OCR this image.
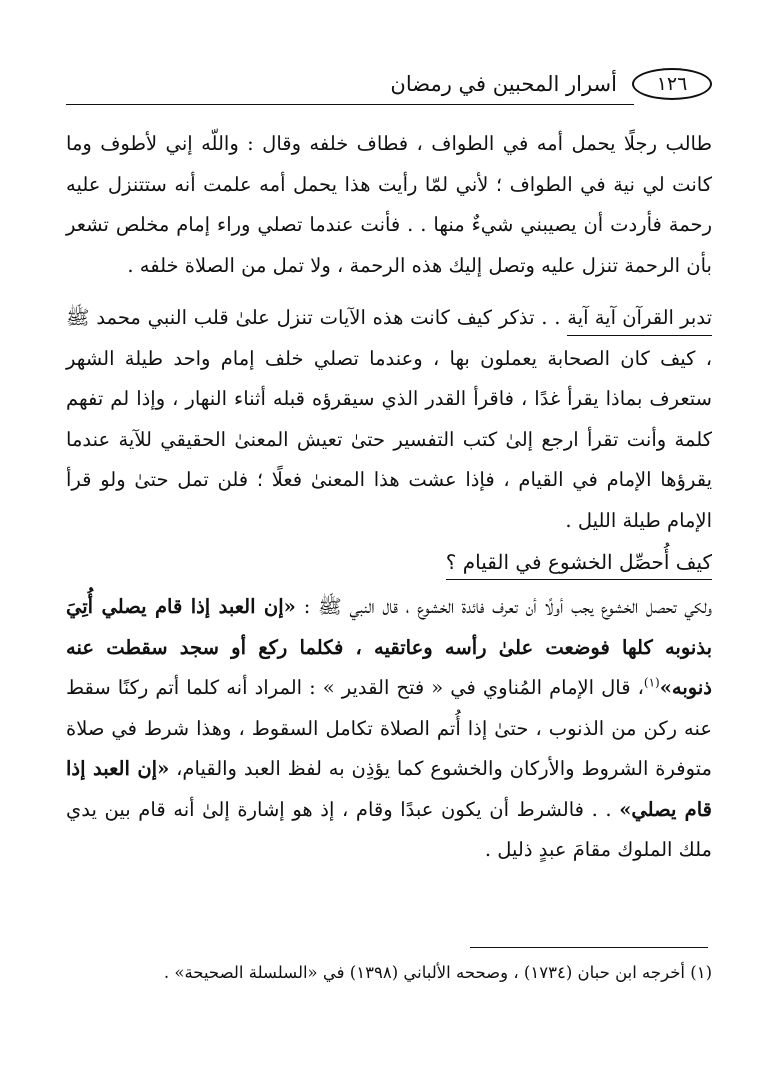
١٢٦
أسرار المحبين في رمضان

طالب رجلًا يحمل أمه في الطواف ، فطاف خلفه وقال : واللّه إني لأطوف وما كانت لي نية في الطواف ؛ لأني لمّا رأيت هذا يحمل أمه علمت أنه ستتنزل عليه رحمة فأردت أن يصيبني شيءٌ منها . . فأنت عندما تصلي وراء إمام مخلص تشعر بأن الرحمة تنزل عليه وتصل إليك هذه الرحمة ، ولا تمل من الصلاة خلفه .

تدبر القرآن آية آية . . تذكر كيف كانت هذه الآيات تنزل علىٰ قلب النبي محمد ﷺ ، كيف كان الصحابة يعملون بها ، وعندما تصلي خلف إمام واحد طيلة الشهر ستعرف بماذا يقرأ غدًا ، فاقرأ القدر الذي سيقرؤه قبله أثناء النهار ، وإذا لم تفهم كلمة وأنت تقرأ ارجع إلىٰ كتب التفسير حتىٰ تعيش المعنىٰ الحقيقي للآية عندما يقرؤها الإمام في القيام ، فإذا عشت هذا المعنىٰ فعلًا ؛ فلن تمل حتىٰ ولو قرأ الإمام طيلة الليل .

كيف أُحصِّل الخشوع في القيام ؟

ولكي تحصل الخشوع يجب أولًا أن تعرف فائدة الخشوع ، قال النبي ﷺ : «إن العبد إذا قام يصلي أُتِيَ بذنوبه كلها فوضعت علىٰ رأسه وعاتقيه ، فكلما ركع أو سجد سقطت عنه ذنوبه»$^{(١)}$، قال الإمام المُناوي في « فتح القدير » : المراد أنه كلما أتم ركنًا سقط عنه ركن من الذنوب ، حتىٰ إذا أُتم الصلاة تكامل السقوط ، وهذا شرط في صلاة متوفرة الشروط والأركان والخشوع كما يؤذِن به لفظ العبد والقيام، «إن العبد إذا قام يصلي» . . فالشرط أن يكون عبدًا وقام ، إذ هو إشارة إلىٰ أنه قام بين يدي ملك الملوك مقامَ عبدٍ ذليل .

(١) أخرجه ابن حبان (١٧٣٤) ، وصححه الألباني (١٣٩٨) في «السلسلة الصحيحة» .
